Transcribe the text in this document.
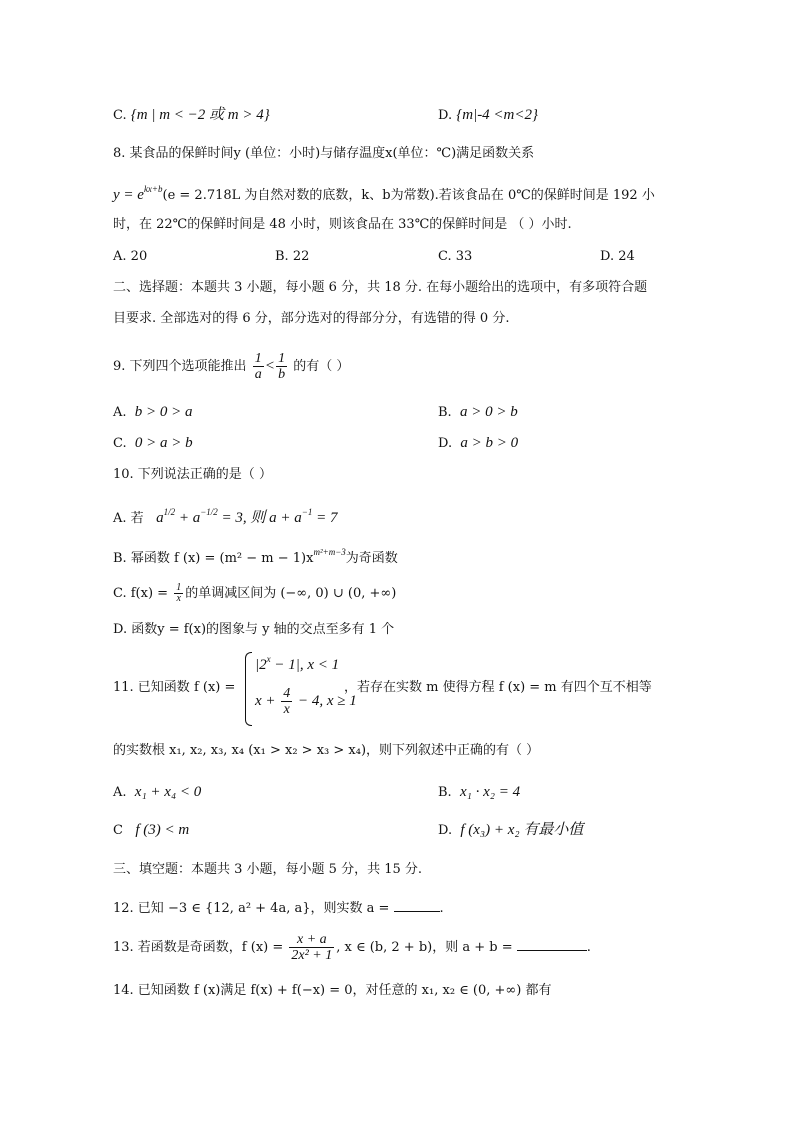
C. {m | m < −2 或 m > 4}	D. {m|-4 <m<2}
8. 某食品的保鲜时间y (单位：小时)与储存温度x(单位：℃)满足函数关系
$y = e^{kx+b}(e = 2.718L$ 为自然对数的底数，k、b为常数).若该食品在 0℃的保鲜时间是 192 小
时，在 22℃的保鲜时间是 48 小时，则该食品在 33℃的保鲜时间是 （ ）小时.
A. 20	B. 22	C. 33	D. 24
二、选择题：本题共 3 小题，每小题 6 分，共 18 分. 在每小题给出的选项中，有多项符合题
目要求. 全部选对的得 6 分，部分选对的得部分分，有选错的得 0 分.
9. 下列四个选项能推出 $\frac{1}{a} < \frac{1}{b}$ 的有（ ）
A. b > 0 > a	B. a > 0 > b
C. 0 > a > b	D. a > b > 0
10. 下列说法正确的是（ ）
A. 若 $a^{1/2} + a^{-1/2} = 3$, 则 $a + a^{-1} = 7$
B. 幂函数 f $(x) = (m^2 - m - 1)x^{m^2+m-3}$为奇函数
C. $f(x) = \frac{1}{x}$ 的单调减区间为 (−∞, 0) ∪ (0, +∞)
D. 函数y = f(x)的图象与 y 轴的交点至多有 1 个
11. 已知函数 f (x) =
$|2^x - 1|$, x < 1
$x + \frac{4}{x} - 4$, x ≥ 1
，若存在实数 m 使得方程 f (x) = m 有四个互不相等
的实数根 x₁, x₂, x₃, x₄ (x₁ > x₂ > x₃ > x₄)，则下列叙述中正确的有（ ）
A. x₁ + x₄ < 0	B. x₁ · x₂ = 4
C f (3) < m	D. f (x₃) + x₂ 有最小值
三、填空题：本题共 3 小题，每小题 5 分，共 15 分.
12. 已知 −3 ∈ {12, a² + 4a, a}，则实数 a =	.
13. 若函数是奇函数，f $(x) = \frac{x + a}{\text{2x² + 1}}$ , x ∈ (b, 2 + b)，则 a + b =	.
14. 已知函数 f (x)满足 f(x) + f(−x) = 0，对任意的 x₁, x₂ ∈ (0, +∞) 都有
